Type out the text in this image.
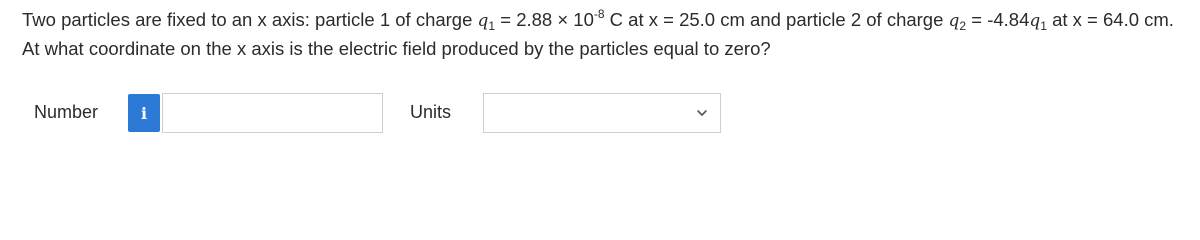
Two particles are fixed to an x axis: particle 1 of charge $q_1 = 2.88 \times 10^{-8}$ C at x = 25.0 cm and particle 2 of charge $q_2 = -4.84q_1$ at x = 64.0 cm. At what coordinate on the x axis is the electric field produced by the particles equal to zero?
Number	i	Units
